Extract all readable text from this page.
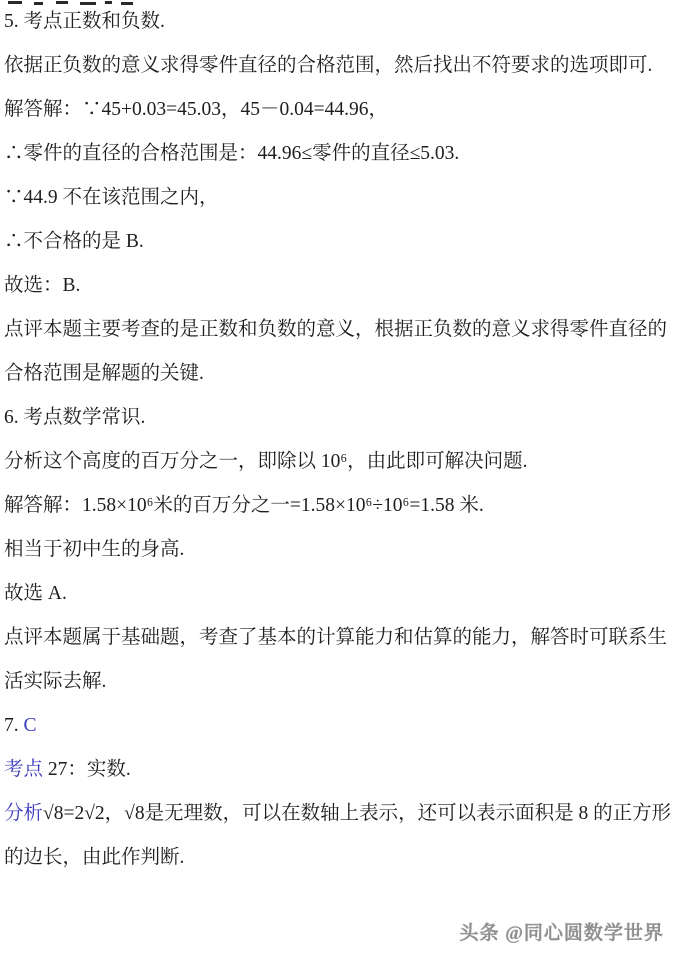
5. 考点正数和负数.

依据正负数的意义求得零件直径的合格范围，然后找出不符要求的选项即可.

解答解：∵45+0.03=45.03，45－0.04=44.96，

∴零件的直径的合格范围是：44.96≤零件的直径≤5.03.

∵44.9 不在该范围之内，

∴不合格的是 B.

故选：B.

点评本题主要考查的是正数和负数的意义，根据正负数的意义求得零件直径的合格范围是解题的关键.

6. 考点数学常识.

分析这个高度的百万分之一，即除以 10⁶，由此即可解决问题.

解答解：1.58×10⁶米的百万分之一=1.58×10⁶÷10⁶=1.58 米.

相当于初中生的身高.

故选 A.

点评本题属于基础题，考查了基本的计算能力和估算的能力，解答时可联系生活实际去解.

7. C

考点 27：实数.

分析√8=2√2，√8是无理数，可以在数轴上表示，还可以表示面积是 8 的正方形的边长，由此作判断.

头条 @同心圆数学世界
